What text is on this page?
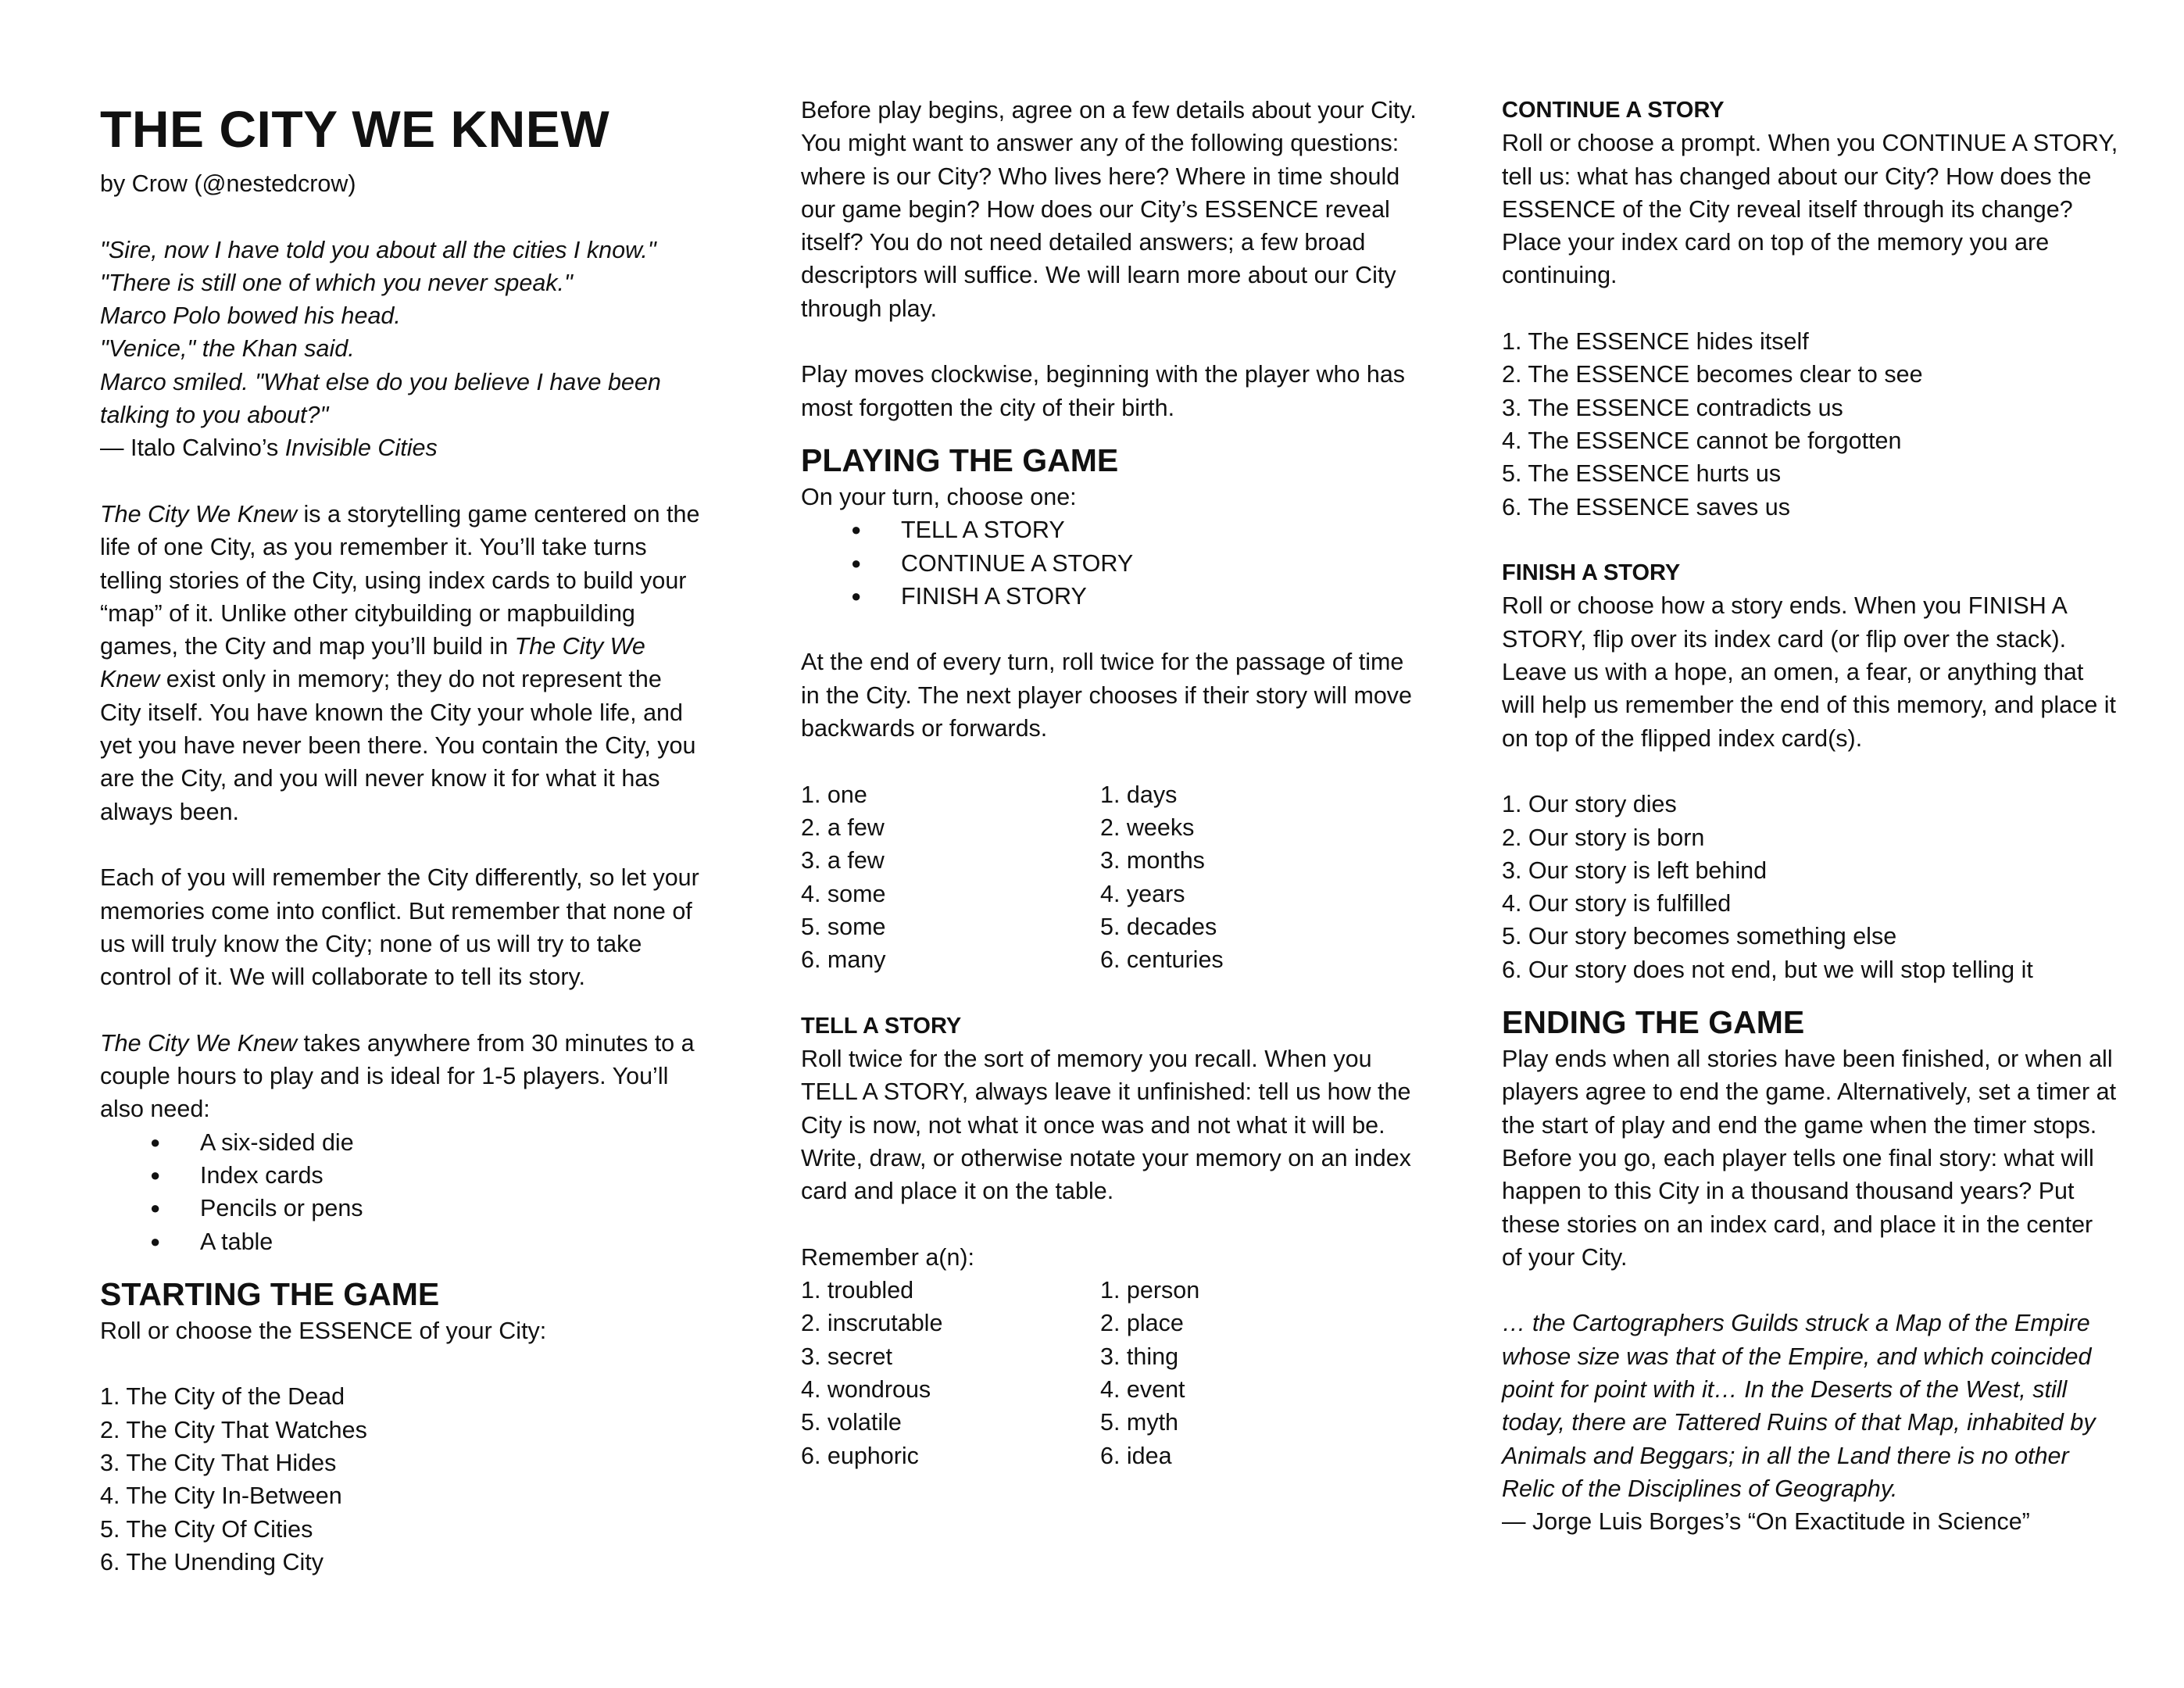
THE CITY WE KNEW

by Crow (@nestedcrow)

"Sire, now I have told you about all the cities I know."

"There is still one of which you never speak."

Marco Polo bowed his head.

"Venice," the Khan said.

Marco smiled. "What else do you believe I have been talking to you about?"

— Italo Calvino’s Invisible Cities

The City We Knew is a storytelling game centered on the life of one City, as you remember it. You’ll take turns telling stories of the City, using index cards to build your “map” of it. Unlike other citybuilding or mapbuilding games, the City and map you’ll build in The City We Knew exist only in memory; they do not represent the City itself. You have known the City your whole life, and yet you have never been there. You contain the City, you are the City, and you will never know it for what it has always been.

Each of you will remember the City differently, so let your memories come into conflict. But remember that none of us will truly know the City; none of us will try to take control of it. We will collaborate to tell its story.

The City We Knew takes anywhere from 30 minutes to a couple hours to play and is ideal for 1-5 players. You’ll also need:

● A six-sided die
● Index cards
● Pencils or pens
● A table
STARTING THE GAME

Roll or choose the ESSENCE of your City:

1. The City of the Dead
2. The City That Watches
3. The City That Hides
4. The City In-Between
5. The City Of Cities
6. The Unending City

Before play begins, agree on a few details about your City. You might want to answer any of the following questions: where is our City? Who lives here? Where in time should our game begin? How does our City’s ESSENCE reveal itself? You do not need detailed answers; a few broad descriptors will suffice. We will learn more about our City through play.

Play moves clockwise, beginning with the player who has most forgotten the city of their birth.

PLAYING THE GAME

On your turn, choose one:

● TELL A STORY
● CONTINUE A STORY
● FINISH A STORY

At the end of every turn, roll twice for the passage of time in the City. The next player chooses if their story will move backwards or forwards.

1. one
2. a few
3. a few
4. some
5. some
6. many
1. days
2. weeks
3. months
4. years
5. decades
6. centuries

TELL A STORY

Roll twice for the sort of memory you recall. When you TELL A STORY, always leave it unfinished: tell us how the City is now, not what it once was and not what it will be. Write, draw, or otherwise notate your memory on an index card and place it on the table.

Remember a(n):

1. troubled
2. inscrutable
3. secret
4. wondrous
5. volatile
6. euphoric
1. person
2. place
3. thing
4. event
5. myth
6. idea

CONTINUE A STORY

Roll or choose a prompt. When you CONTINUE A STORY, tell us: what has changed about our City? How does the ESSENCE of the City reveal itself through its change? Place your index card on top of the memory you are continuing.

1. The ESSENCE hides itself
2. The ESSENCE becomes clear to see
3. The ESSENCE contradicts us
4. The ESSENCE cannot be forgotten
5. The ESSENCE hurts us
6. The ESSENCE saves us

FINISH A STORY

Roll or choose how a story ends. When you FINISH A STORY, flip over its index card (or flip over the stack). Leave us with a hope, an omen, a fear, or anything that will help us remember the end of this memory, and place it on top of the flipped index card(s).

1. Our story dies
2. Our story is born
3. Our story is left behind
4. Our story is fulfilled
5. Our story becomes something else
6. Our story does not end, but we will stop telling it
ENDING THE GAME

Play ends when all stories have been finished, or when all players agree to end the game. Alternatively, set a timer at the start of play and end the game when the timer stops. Before you go, each player tells one final story: what will happen to this City in a thousand thousand years? Put these stories on an index card, and place it in the center of your City.

… the Cartographers Guilds struck a Map of the Empire whose size was that of the Empire, and which coincided point for point with it… In the Deserts of the West, still today, there are Tattered Ruins of that Map, inhabited by Animals and Beggars; in all the Land there is no other Relic of the Disciplines of Geography.

— Jorge Luis Borges’s “On Exactitude in Science”
